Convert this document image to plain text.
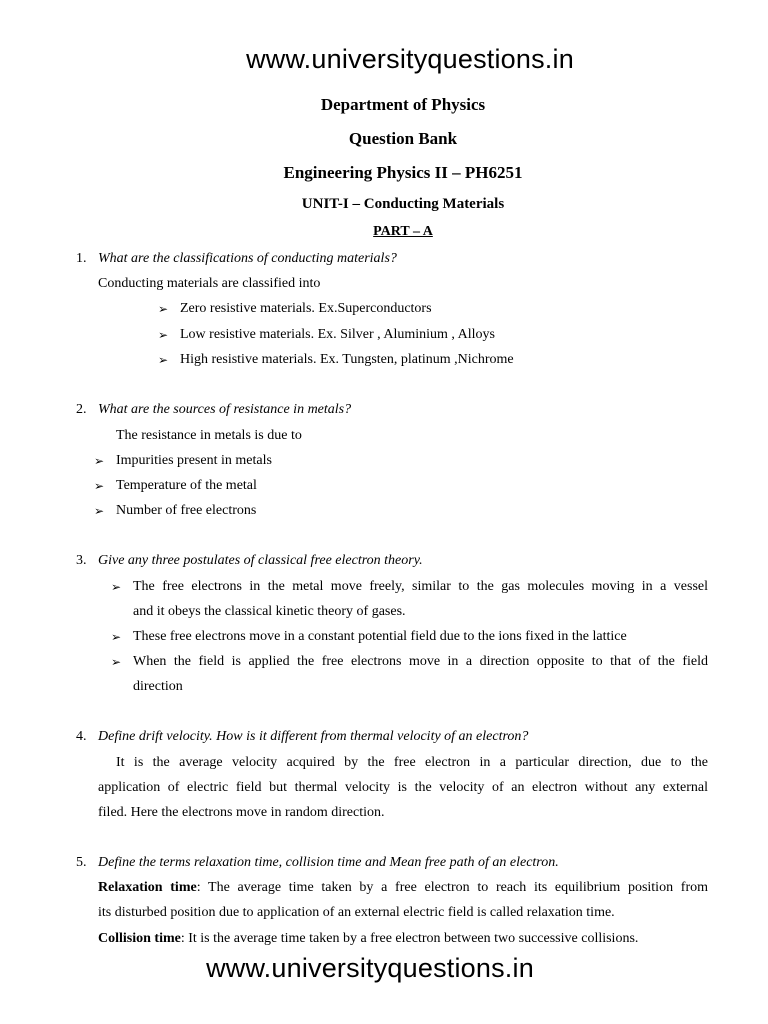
www.universityquestions.in
Department of Physics
Question Bank
Engineering Physics II – PH6251
UNIT-I – Conducting Materials
PART – A
1. What are the classifications of conducting materials?
Conducting materials are classified into
➢ Zero resistive materials. Ex.Superconductors
➢ Low resistive materials. Ex. Silver , Aluminium , Alloys
➢ High resistive materials. Ex. Tungsten, platinum ,Nichrome
2. What are the sources of resistance in metals?
The resistance in metals is due to
➢ Impurities present in metals
➢ Temperature of the metal
➢ Number of free electrons
3. Give any three postulates of classical free electron theory.
➢ The free electrons in the metal move freely, similar to the gas molecules moving in a vessel
and it obeys the classical kinetic theory of gases.
➢ These free electrons move in a constant potential field due to the ions fixed in the lattice
➢ When the field is applied the free electrons move in a direction opposite to that of the field
direction
4. Define drift velocity. How is it different from thermal velocity of an electron?
It is the average velocity acquired by the free electron in a particular direction, due to the
application of electric field but thermal velocity is the velocity of an electron without any external
filed. Here the electrons move in random direction.
5. Define the terms relaxation time, collision time and Mean free path of an electron.
Relaxation time: The average time taken by a free electron to reach its equilibrium position from
its disturbed position due to application of an external electric field is called relaxation time.
Collision time: It is the average time taken by a free electron between two successive collisions.
www.universityquestions.in
